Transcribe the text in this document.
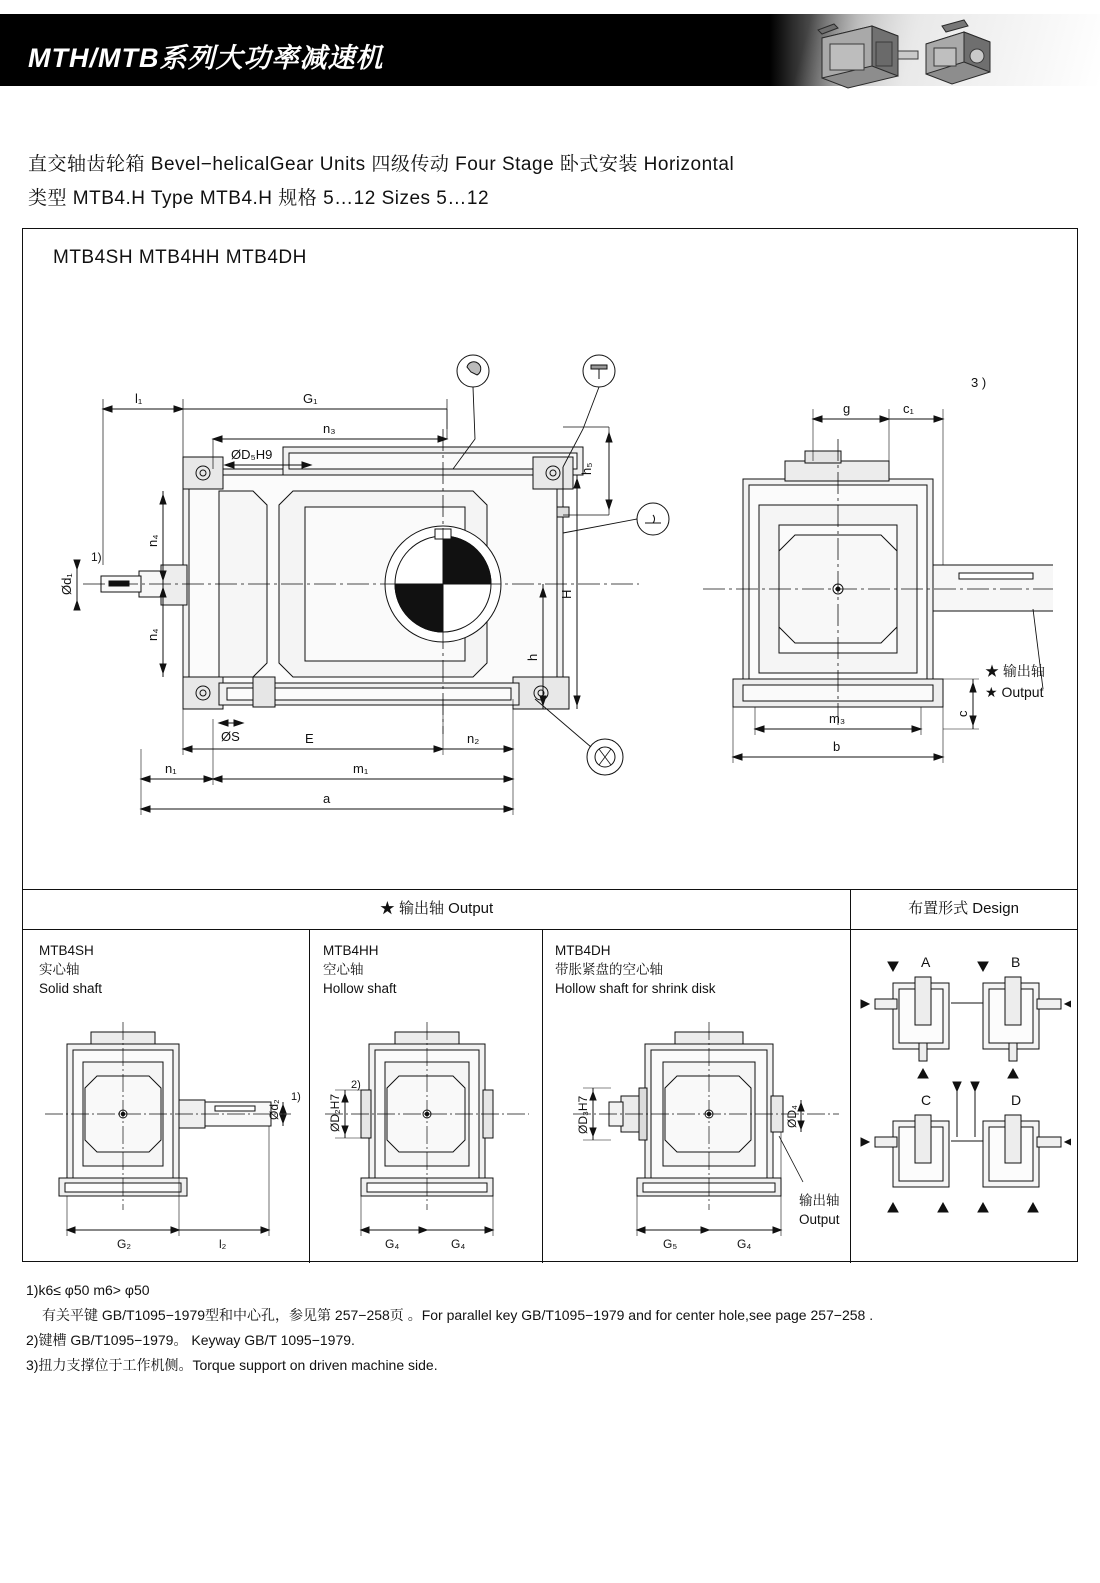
MTH/MTB系列大功率减速机
直交轴齿轮箱 Bevel−helicalGear Units 四级传动 Four Stage 卧式安装 Horizontal
类型 MTB4.H Type MTB4.H 规格 5…12 Sizes 5…12
MTB4SH MTB4HH MTB4DH
l₁	G₁
n₃
ØD₅H9
h₅
Ød₁
1)
n₄
n₄
H
h
ØS	E	n₂
n₁	m₁
a
g	c₁
m₃
b
c
3 )
★ 输出轴
★ Output
★ 输出轴 Output	布置形式 Design
MTB4SH
实心轴
Solid shaft
Ød₂
1)
G₂	l₂
MTB4HH
空心轴
Hollow shaft
ØD₂H7
2)
G₄	G₄
MTB4DH
带胀紧盘的空心轴
Hollow shaft for shrink disk
ØD₃H7	ØD₄
G₅	G₄
输出轴
Output
A	B
C	D
1)k6≤ φ50 m6> φ50
有关平键 GB/T1095−1979型和中心孔，参见第 257−258页 。For parallel key GB/T1095−1979 and for center hole,see page 257−258 .
2)键槽 GB/T1095−1979。 Keyway GB/T 1095−1979.
3)扭力支撑位于工作机侧。Torque support on driven machine side.
